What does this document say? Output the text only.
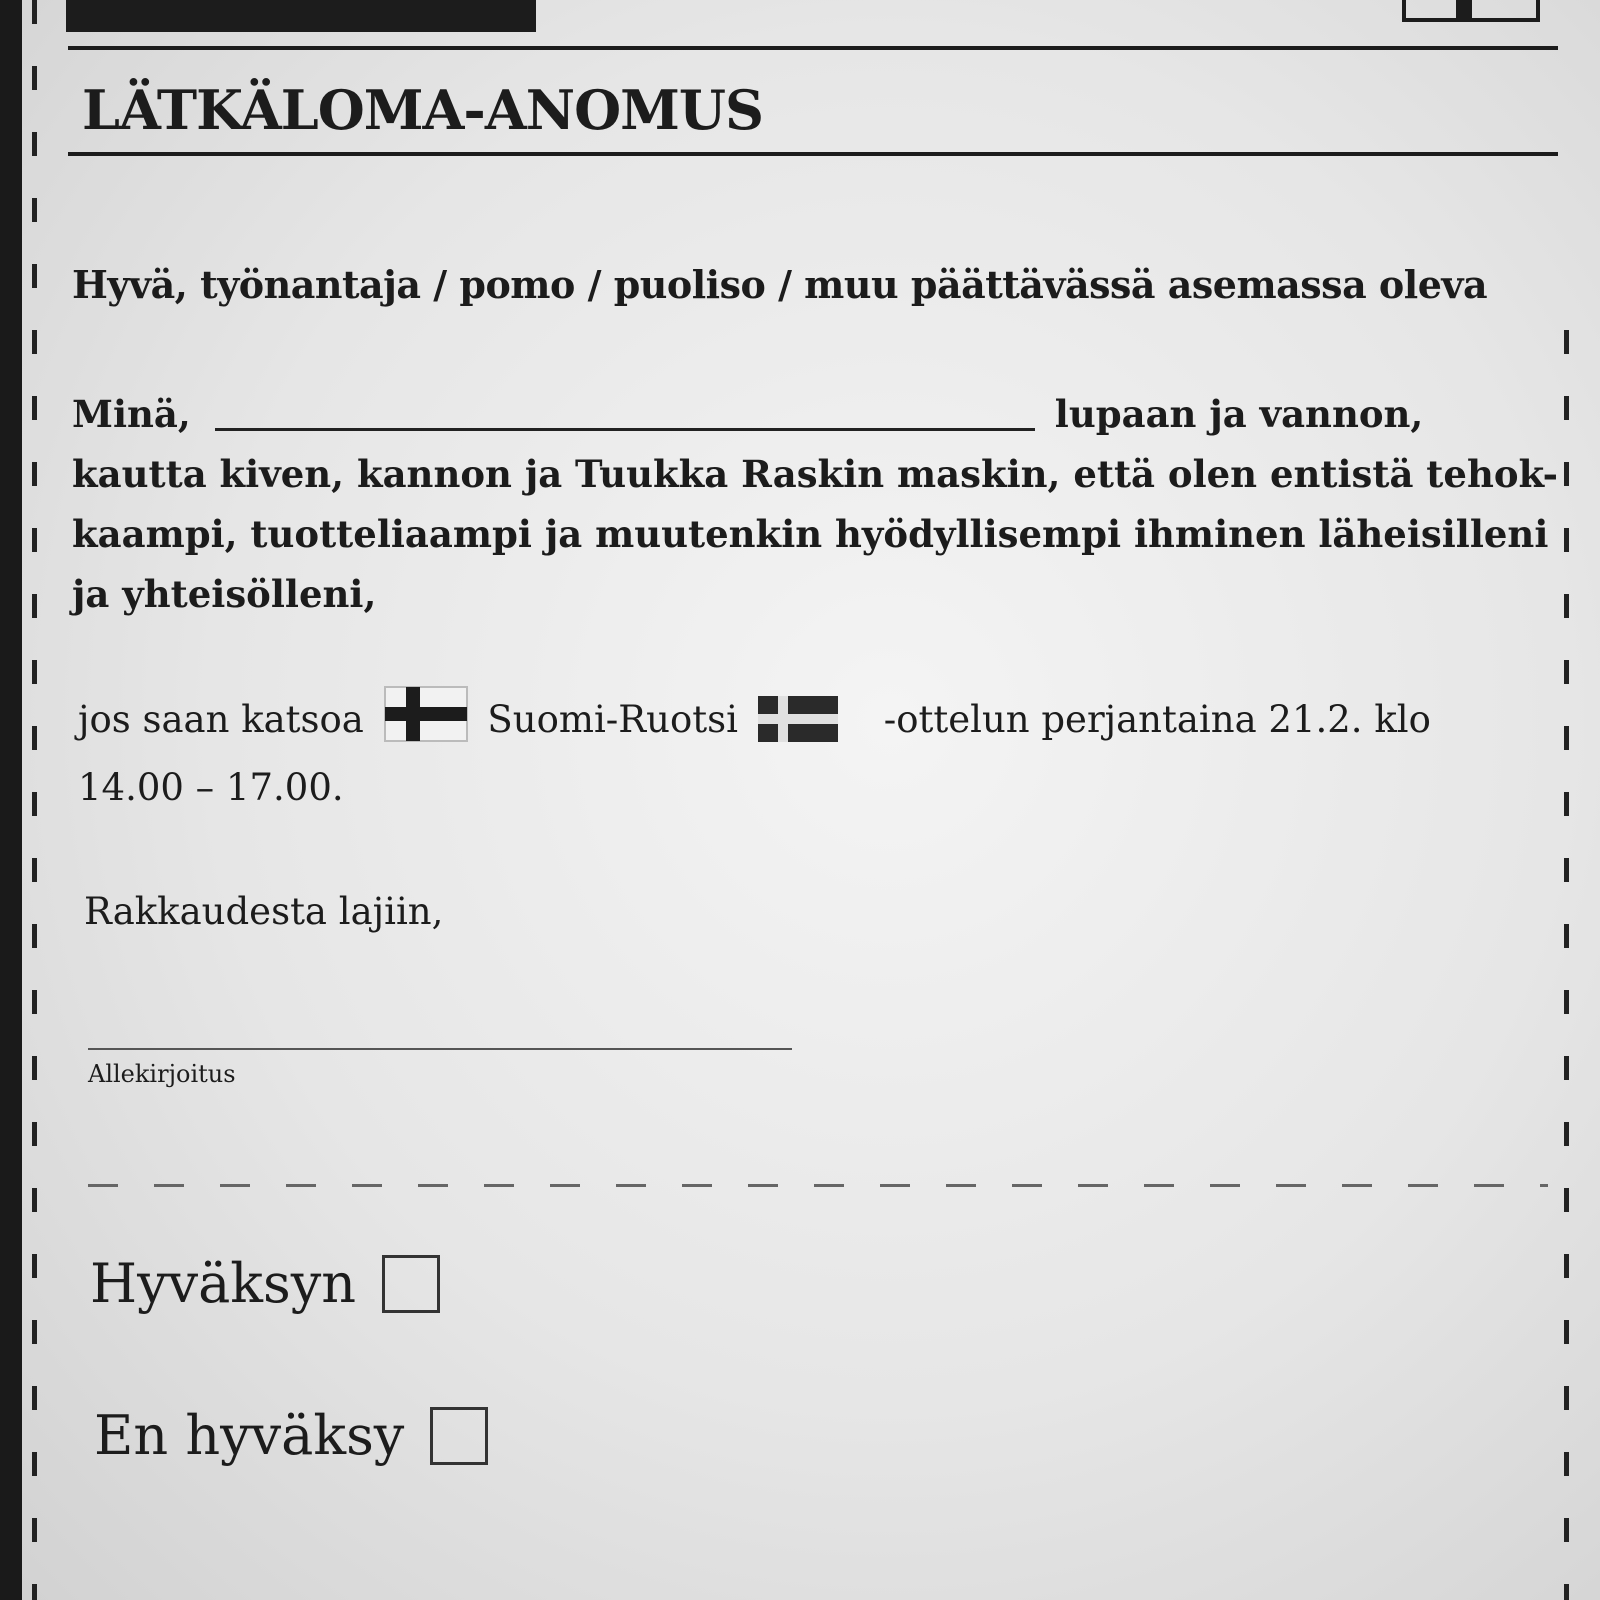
LÄTKÄLOMA-ANOMUS
Hyvä, työnantaja / pomo / puoliso / muu päättävässä asemassa oleva
Minä,	lupaan ja vannon,
kautta kiven, kannon ja Tuukka Raskin maskin, että olen entistä tehok-
kaampi, tuotteliaampi ja muutenkin hyödyllisempi ihminen läheisilleni
ja yhteisölleni,
jos saan katsoa	Suomi-Ruotsi	-ottelun perjantaina 21.2. klo
14.00 – 17.00.
Rakkaudesta lajiin,
Allekirjoitus
Hyväksyn
En hyväksy
